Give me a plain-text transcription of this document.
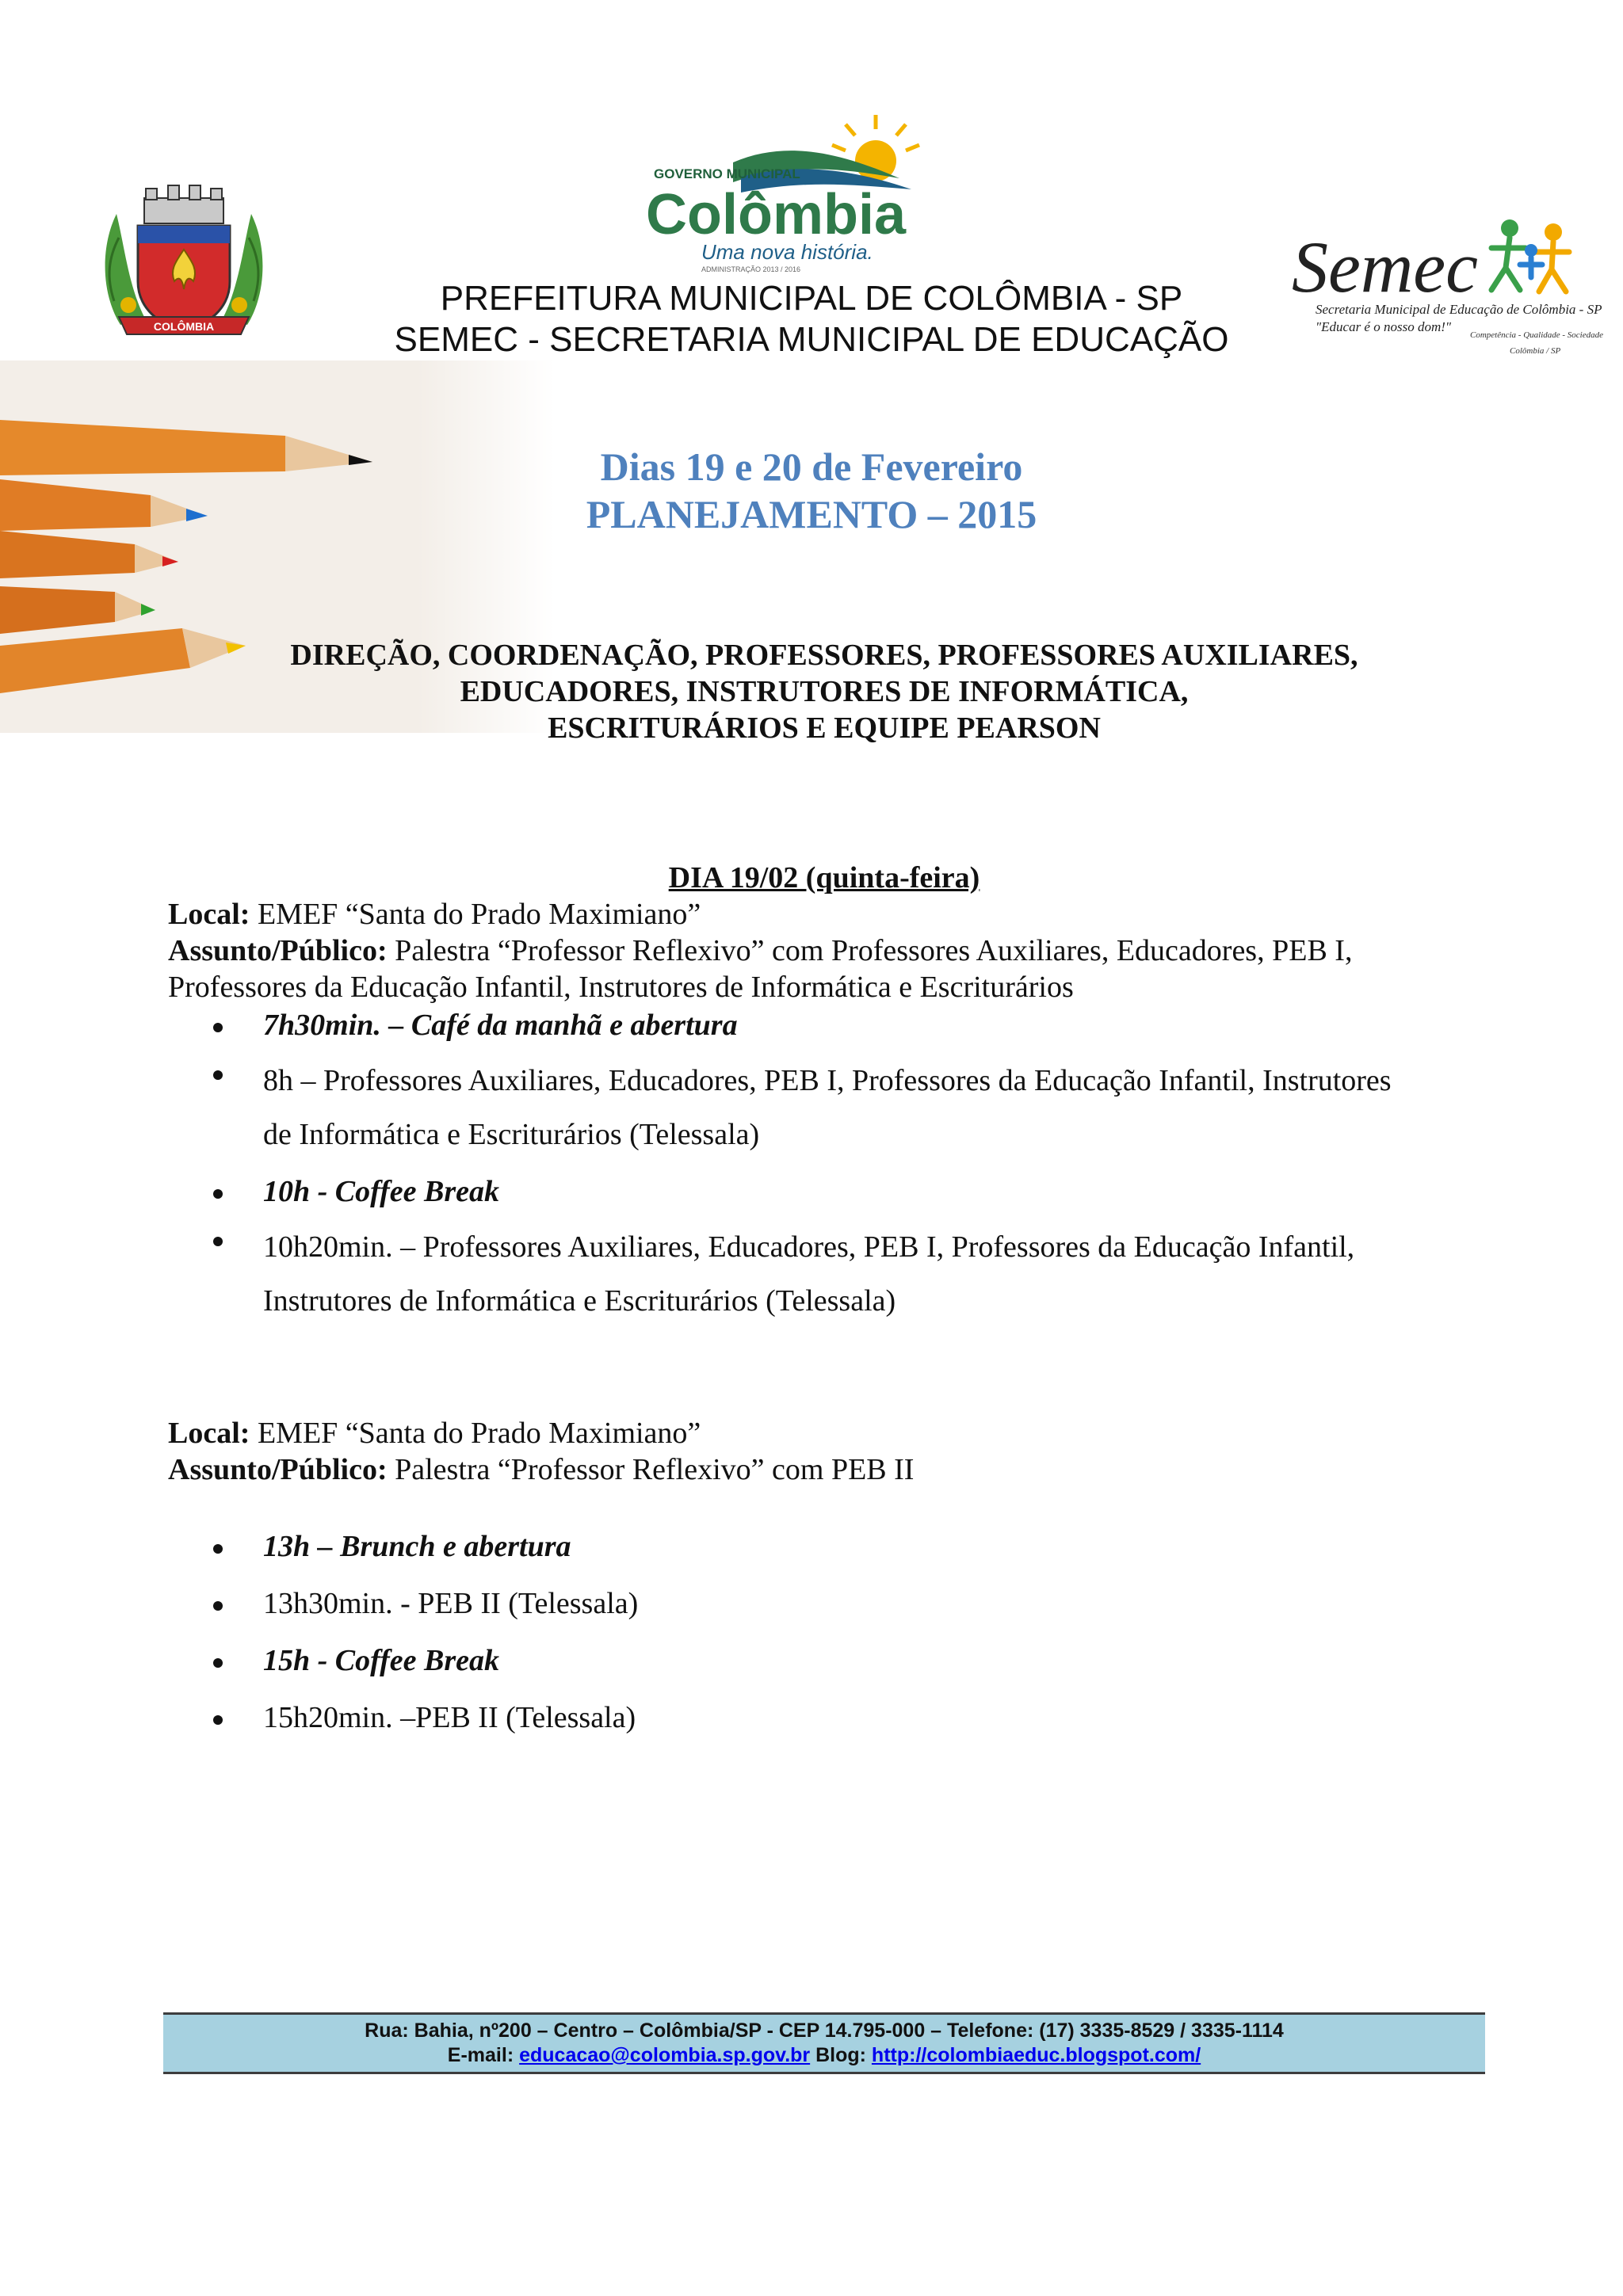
COLÔMBIA
GOVERNO MUNICIPAL
Colômbia
Uma nova história.
ADMINISTRAÇÃO 2013 / 2016	Semec
Secretaria Municipal de Educação de Colômbia - SP
"Educar é o nosso dom!"
Competência - Qualidade - Sociedade
Colômbia / SP
PREFEITURA MUNICIPAL DE COLÔMBIA - SP
SEMEC - SECRETARIA MUNICIPAL DE EDUCAÇÃO
Dias 19 e 20 de Fevereiro
PLANEJAMENTO – 2015
DIREÇÃO, COORDENAÇÃO, PROFESSORES, PROFESSORES AUXILIARES,
EDUCADORES, INSTRUTORES DE INFORMÁTICA,
ESCRITURÁRIOS E EQUIPE PEARSON
DIA 19/02 (quinta-feira)
Local: EMEF “Santa do Prado Maximiano”
Assunto/Público: Palestra “Professor Reflexivo” com Professores Auxiliares, Educadores, PEB I,
Professores da Educação Infantil, Instrutores de Informática e Escriturários
7h30min. – Café da manhã e abertura
8h – Professores Auxiliares, Educadores, PEB I, Professores da Educação Infantil, Instrutores
de Informática e Escriturários (Telessala)
10h - Coffee Break
10h20min. – Professores Auxiliares, Educadores, PEB I, Professores da Educação Infantil,
Instrutores de Informática e Escriturários (Telessala)
Local: EMEF “Santa do Prado Maximiano”
Assunto/Público: Palestra “Professor Reflexivo” com PEB II
13h – Brunch e abertura
13h30min. - PEB II (Telessala)
15h - Coffee Break
15h20min. –PEB II (Telessala)
Rua: Bahia, nº200 – Centro – Colômbia/SP - CEP 14.795-000 – Telefone: (17) 3335-8529 / 3335-1114
E-mail: educacao@colombia.sp.gov.br Blog: http://colombiaeduc.blogspot.com/
